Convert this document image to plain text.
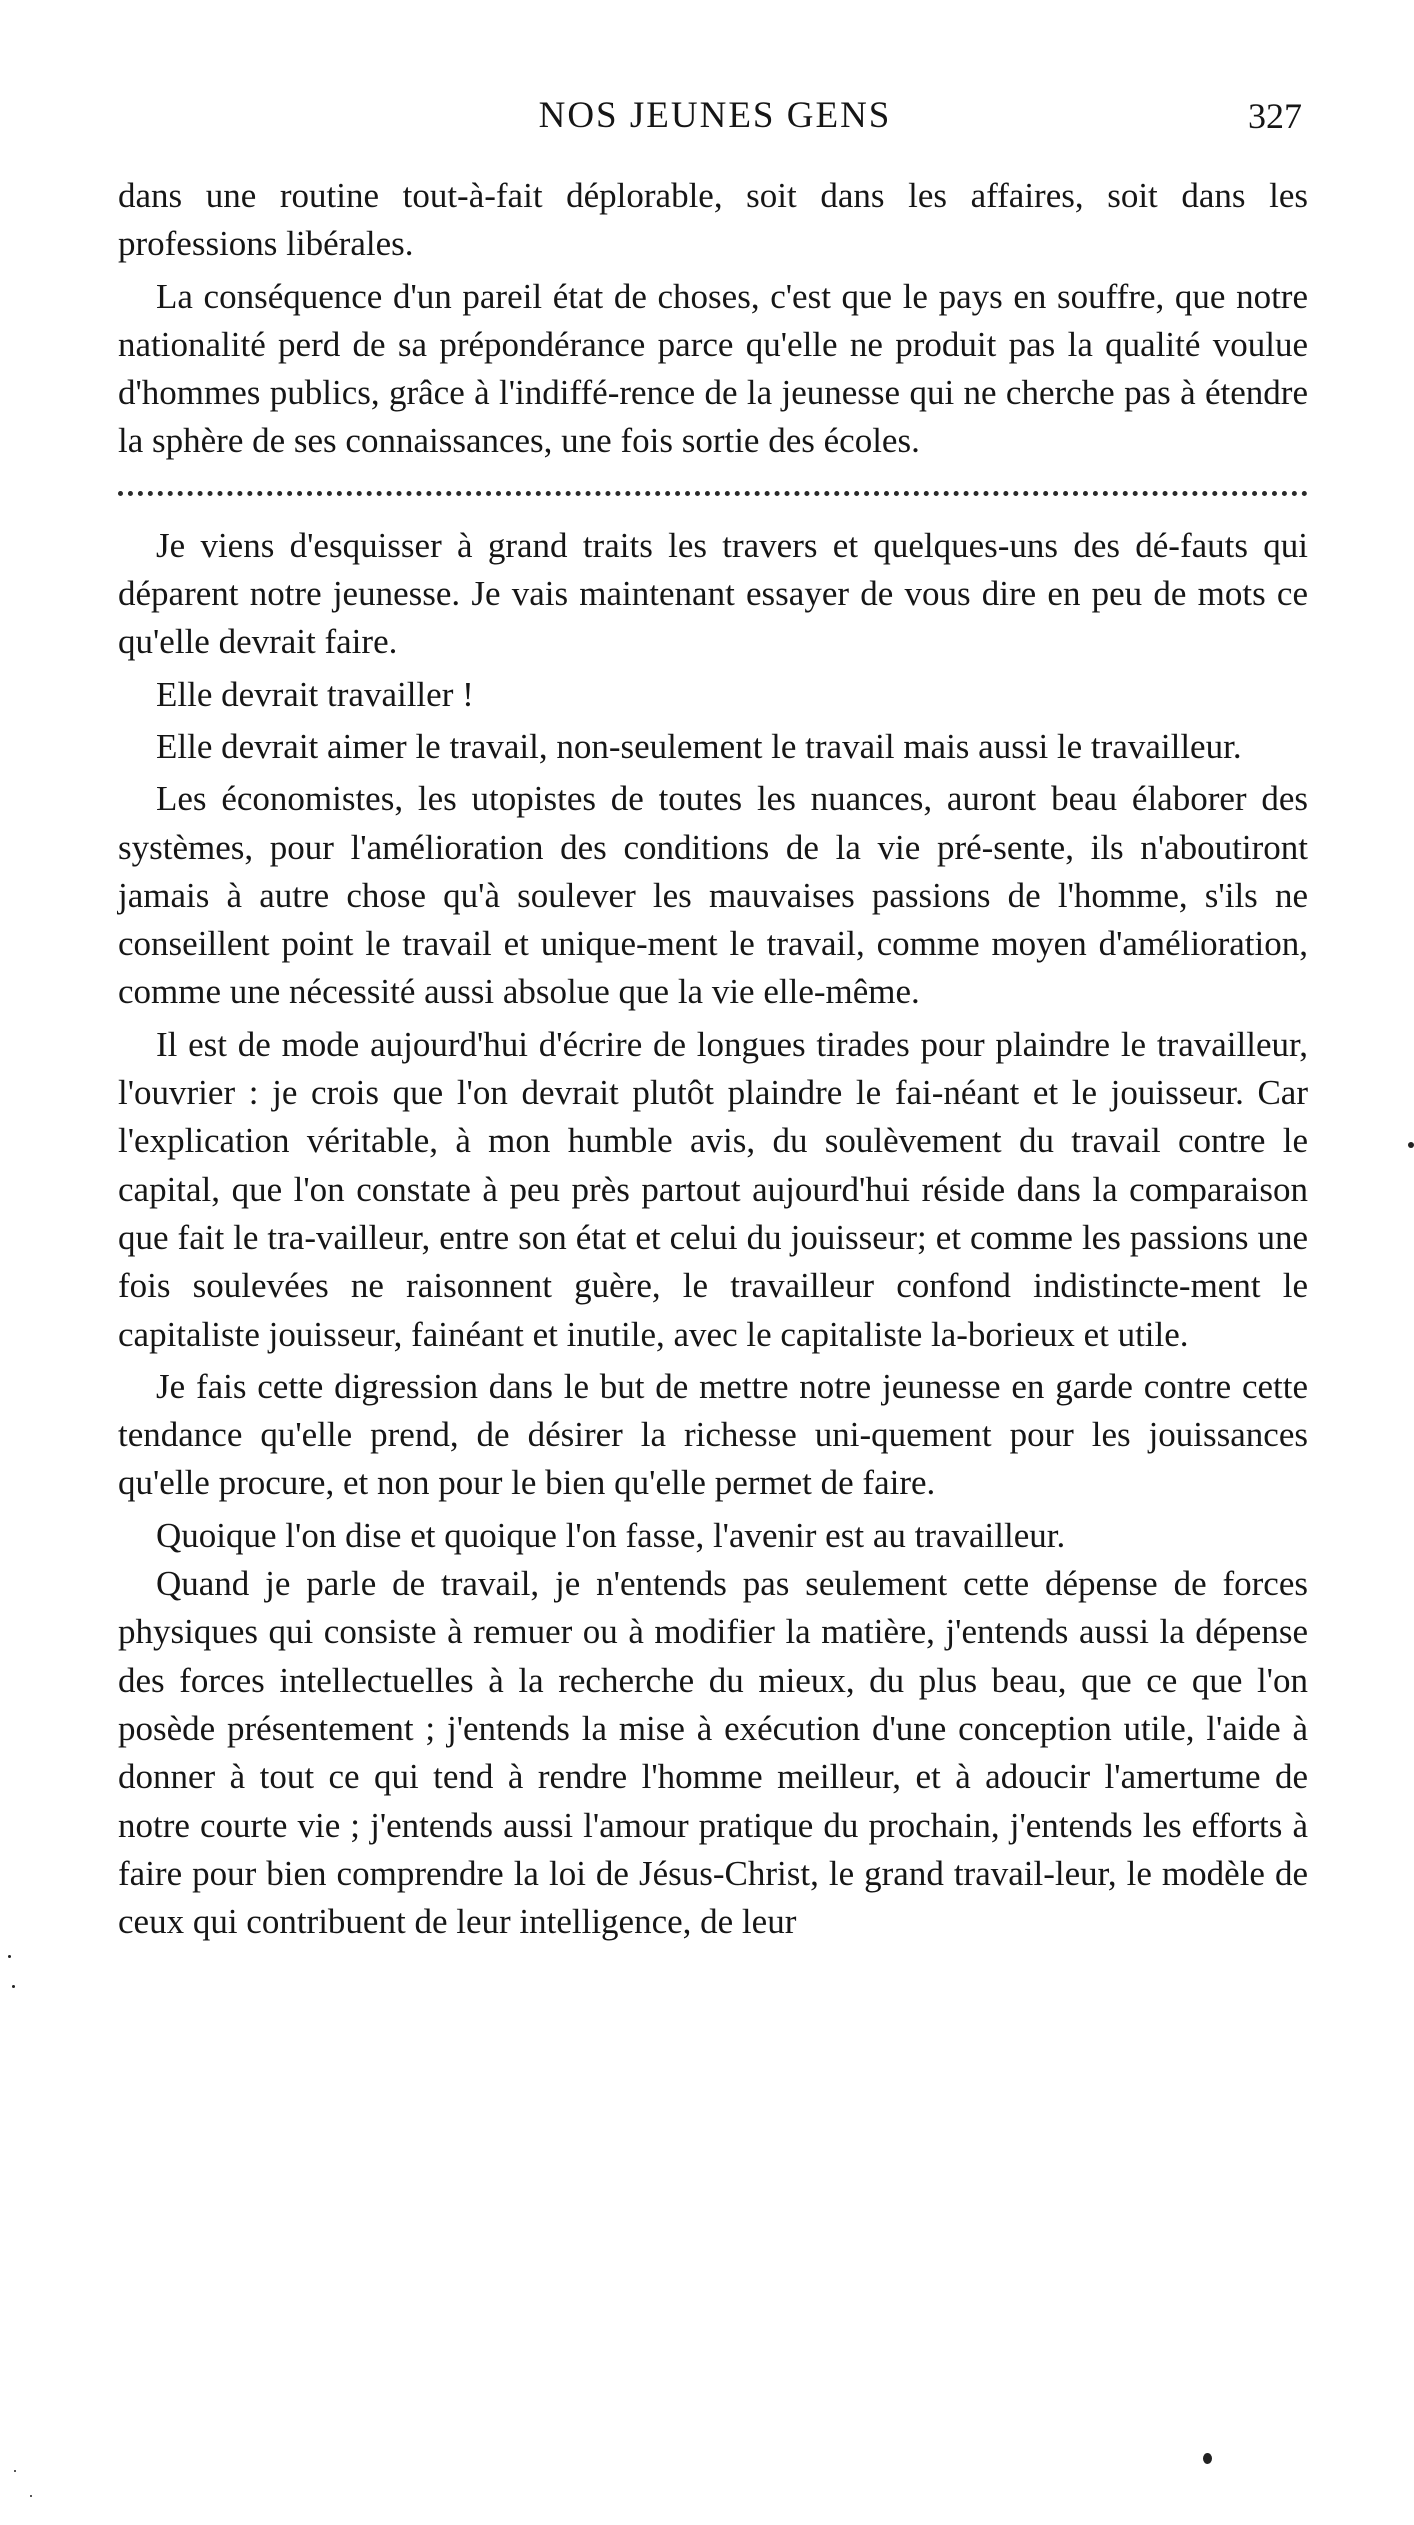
NOS JEUNES GENS	327

dans une routine tout-à-fait déplorable, soit dans les affaires, soit dans les professions libérales.

La conséquence d'un pareil état de choses, c'est que le pays en souffre, que notre nationalité perd de sa prépondérance parce qu'elle ne produit pas la qualité voulue d'hommes publics, grâce à l'indiffé-rence de la jeunesse qui ne cherche pas à étendre la sphère de ses connaissances, une fois sortie des écoles.

Je viens d'esquisser à grand traits les travers et quelques-uns des dé-fauts qui déparent notre jeunesse. Je vais maintenant essayer de vous dire en peu de mots ce qu'elle devrait faire.

Elle devrait travailler !

Elle devrait aimer le travail, non-seulement le travail mais aussi le travailleur.

Les économistes, les utopistes de toutes les nuances, auront beau élaborer des systèmes, pour l'amélioration des conditions de la vie pré-sente, ils n'aboutiront jamais à autre chose qu'à soulever les mauvaises passions de l'homme, s'ils ne conseillent point le travail et unique-ment le travail, comme moyen d'amélioration, comme une nécessité aussi absolue que la vie elle-même.

Il est de mode aujourd'hui d'écrire de longues tirades pour plaindre le travailleur, l'ouvrier : je crois que l'on devrait plutôt plaindre le fai-néant et le jouisseur. Car l'explication véritable, à mon humble avis, du soulèvement du travail contre le capital, que l'on constate à peu près partout aujourd'hui réside dans la comparaison que fait le tra-vailleur, entre son état et celui du jouisseur; et comme les passions une fois soulevées ne raisonnent guère, le travailleur confond indistincte-ment le capitaliste jouisseur, fainéant et inutile, avec le capitaliste la-borieux et utile.

Je fais cette digression dans le but de mettre notre jeunesse en garde contre cette tendance qu'elle prend, de désirer la richesse uni-quement pour les jouissances qu'elle procure, et non pour le bien qu'elle permet de faire.

Quoique l'on dise et quoique l'on fasse, l'avenir est au travailleur.

Quand je parle de travail, je n'entends pas seulement cette dépense de forces physiques qui consiste à remuer ou à modifier la matière, j'entends aussi la dépense des forces intellectuelles à la recherche du mieux, du plus beau, que ce que l'on posède présentement ; j'entends la mise à exécution d'une conception utile, l'aide à donner à tout ce qui tend à rendre l'homme meilleur, et à adoucir l'amertume de notre courte vie ; j'entends aussi l'amour pratique du prochain, j'entends les efforts à faire pour bien comprendre la loi de Jésus-Christ, le grand travail-leur, le modèle de ceux qui contribuent de leur intelligence, de leur
